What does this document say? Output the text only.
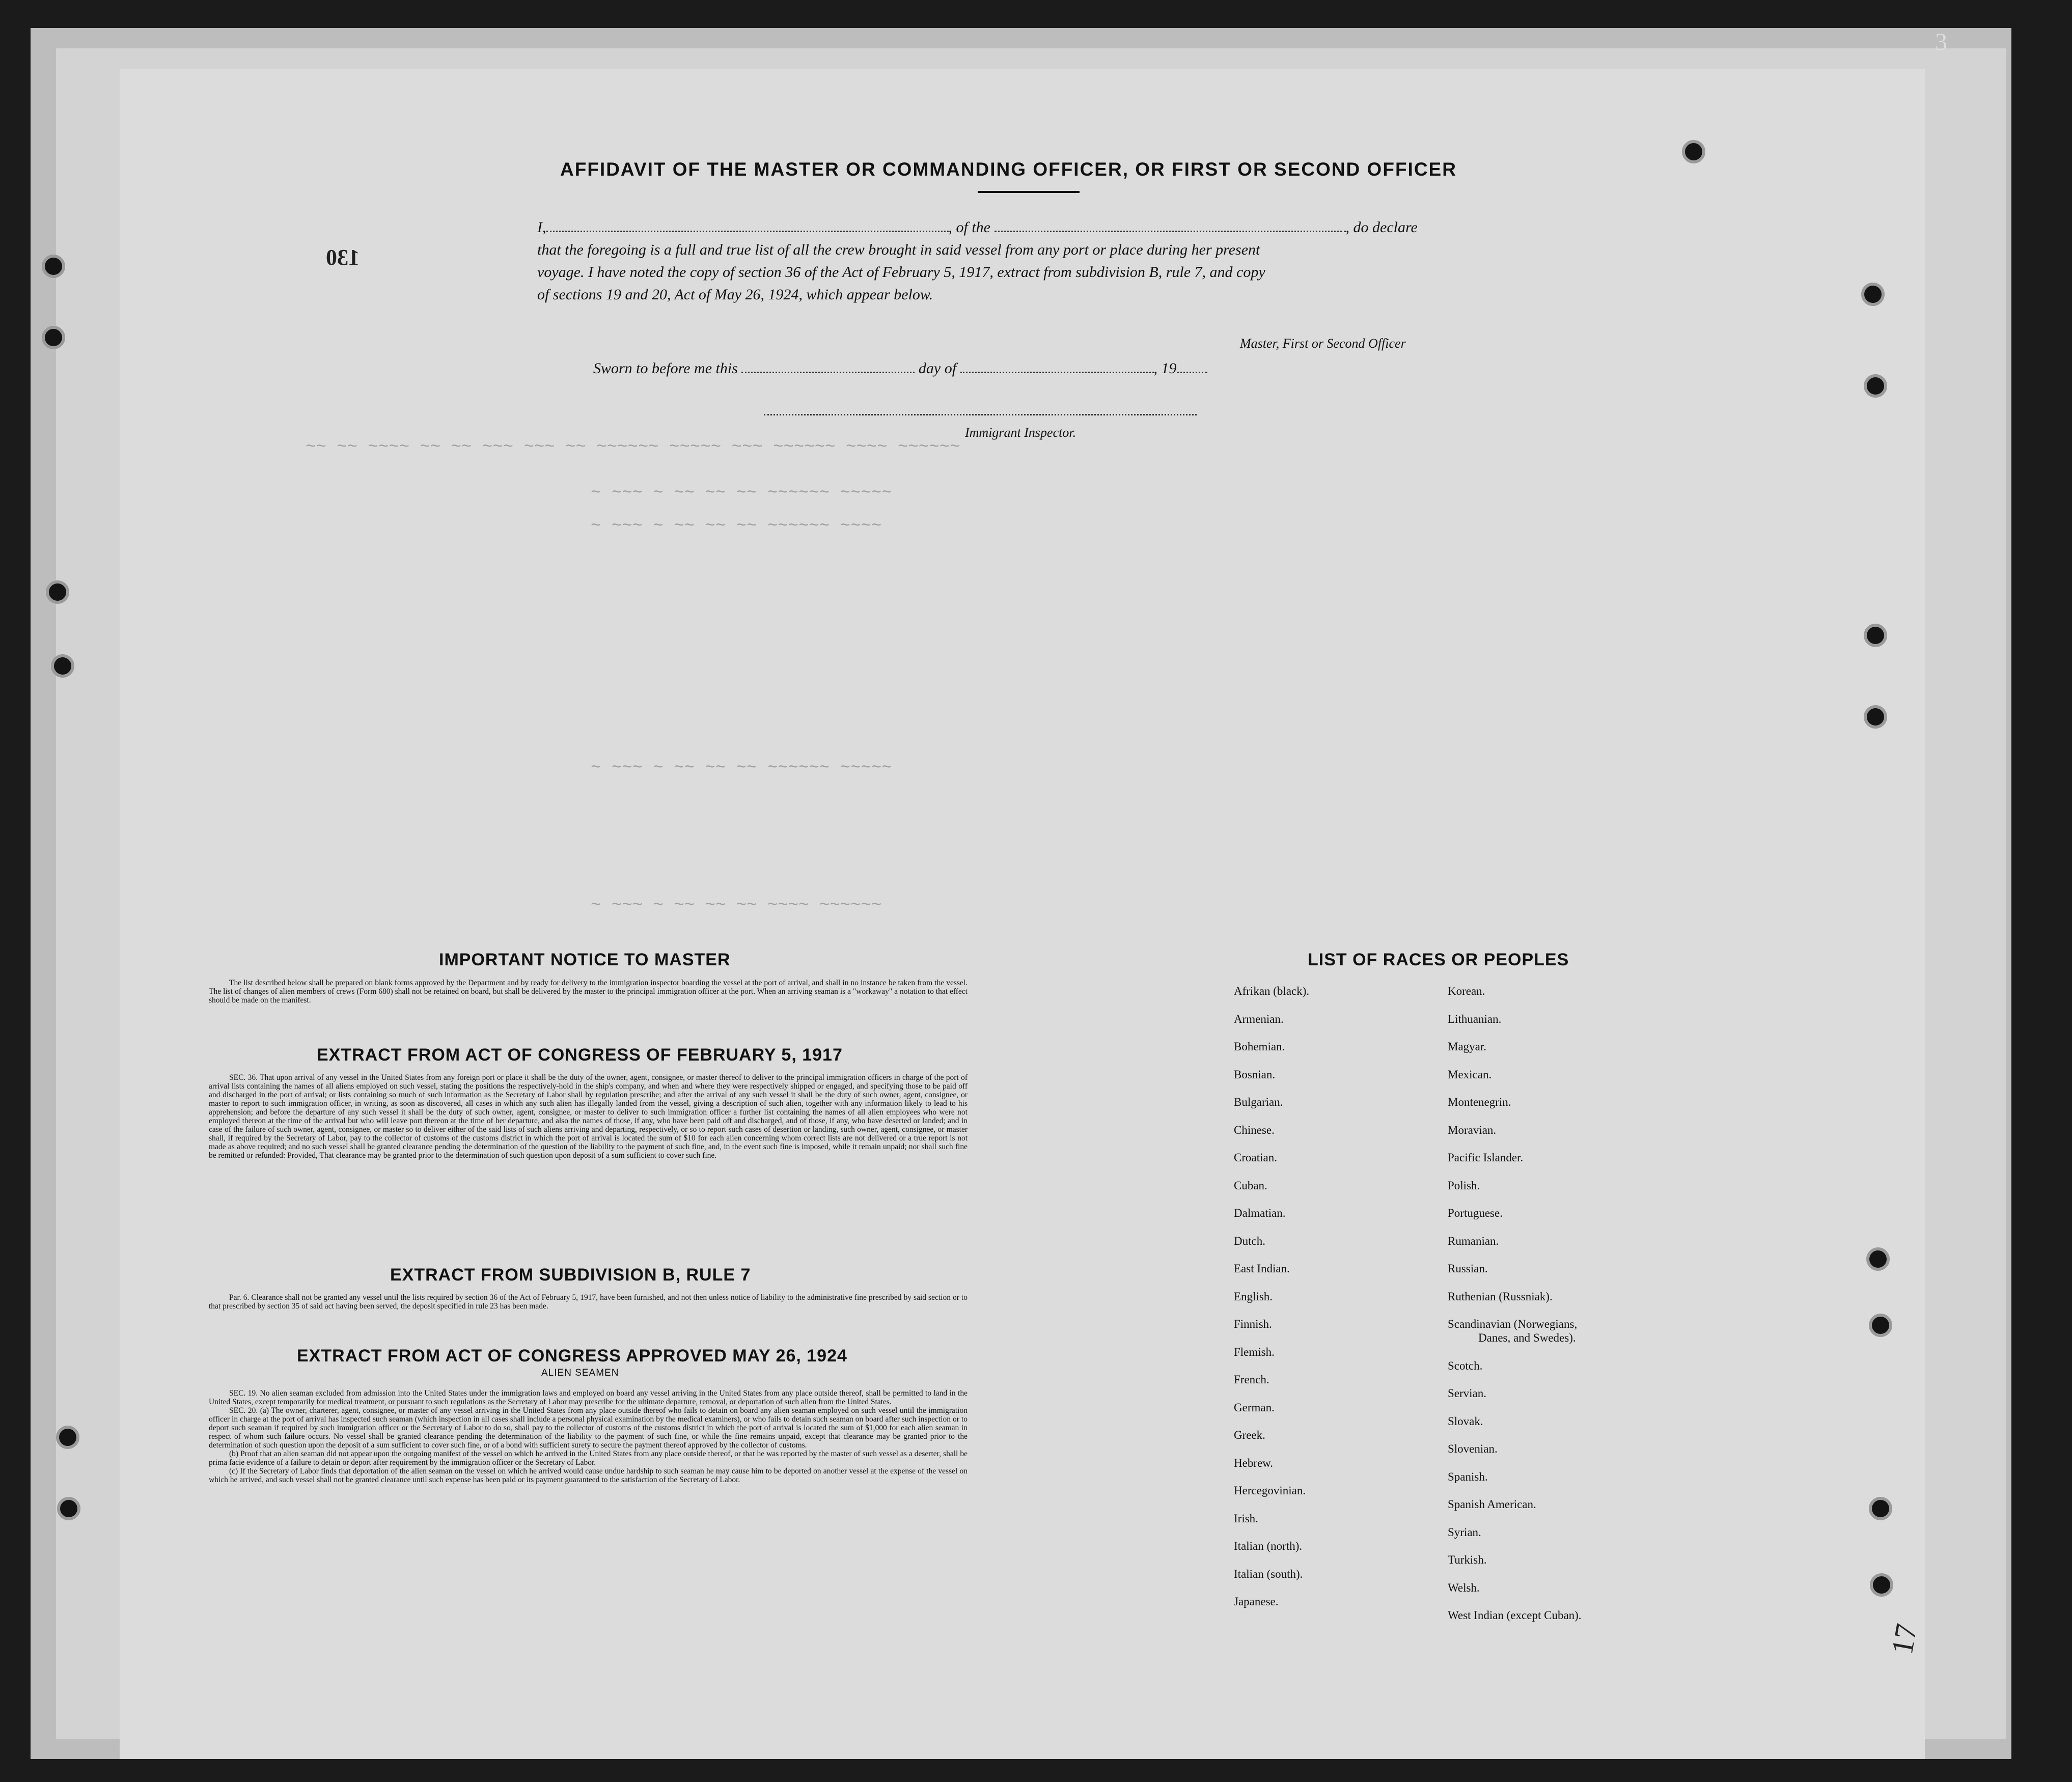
3
17
130
~~ ~~ ~~~~ ~~ ~~ ~~~ ~~~ ~~ ~~~~~~ ~~~~~ ~~~ ~~~~~~ ~~~~ ~~~~~~
~ ~~~ ~ ~~ ~~ ~~ ~~~~~~ ~~~~~
~ ~~~ ~ ~~ ~~ ~~ ~~~~~~ ~~~~
~ ~~~ ~ ~~ ~~ ~~ ~~~~~~ ~~~~~
~ ~~~ ~ ~~ ~~ ~~ ~~~~ ~~~~~~
AFFIDAVIT OF THE MASTER OR COMMANDING OFFICER, OR FIRST OR SECOND OFFICER
I,	, of the	, do declare
that the foregoing is a full and true list of all the crew brought in said vessel from any port or place during her present
voyage. I have noted the copy of section 36 of the Act of February 5, 1917, extract from subdivision B, rule 7, and copy
of sections 19 and 20, Act of May 26, 1924, which appear below.
Master, First or Second Officer
Sworn to before me this	day of	, 19
Immigrant Inspector.
IMPORTANT NOTICE TO MASTER

The list described below shall be prepared on blank forms approved by the Department and by ready for delivery to the immigration inspector boarding the vessel at the port of arrival, and shall in no instance be taken from the vessel. The list of changes of alien members of crews (Form 680) shall not be retained on board, but shall be delivered by the master to the principal immigration officer at the port. When an arriving seaman is a "workaway" a notation to that effect should be made on the manifest.

EXTRACT FROM ACT OF CONGRESS OF FEBRUARY 5, 1917

SEC. 36. That upon arrival of any vessel in the United States from any foreign port or place it shall be the duty of the owner, agent, consignee, or master thereof to deliver to the principal immigration officers in charge of the port of arrival lists containing the names of all aliens employed on such vessel, stating the positions the respectively-hold in the ship's company, and when and where they were respectively shipped or engaged, and specifying those to be paid off and discharged in the port of arrival; or lists containing so much of such information as the Secretary of Labor shall by regulation prescribe; and after the arrival of any such vessel it shall be the duty of such owner, agent, consignee, or master to report to such immigration officer, in writing, as soon as discovered, all cases in which any such alien has illegally landed from the vessel, giving a description of such alien, together with any information likely to lead to his apprehension; and before the departure of any such vessel it shall be the duty of such owner, agent, consignee, or master to deliver to such immigration officer a further list containing the names of all alien employees who were not employed thereon at the time of the arrival but who will leave port thereon at the time of her departure, and also the names of those, if any, who have been paid off and discharged, and of those, if any, who have deserted or landed; and in case of the failure of such owner, agent, consignee, or master so to deliver either of the said lists of such aliens arriving and departing, respectively, or so to report such cases of desertion or landing, such owner, agent, consignee, or master shall, if required by the Secretary of Labor, pay to the collector of customs of the customs district in which the port of arrival is located the sum of $10 for each alien concerning whom correct lists are not delivered or a true report is not made as above required; and no such vessel shall be granted clearance pending the determination of the question of the liability to the payment of such fine, and, in the event such fine is imposed, while it remain unpaid; nor shall such fine be remitted or refunded: Provided, That clearance may be granted prior to the determination of such question upon deposit of a sum sufficient to cover such fine.

EXTRACT FROM SUBDIVISION B, RULE 7

Par. 6. Clearance shall not be granted any vessel until the lists required by section 36 of the Act of February 5, 1917, have been furnished, and not then unless notice of liability to the administrative fine prescribed by said section or to that prescribed by section 35 of said act having been served, the deposit specified in rule 23 has been made.

EXTRACT FROM ACT OF CONGRESS APPROVED MAY 26, 1924
ALIEN SEAMEN

SEC. 19. No alien seaman excluded from admission into the United States under the immigration laws and employed on board any vessel arriving in the United States from any place outside thereof, shall be permitted to land in the United States, except temporarily for medical treatment, or pursuant to such regulations as the Secretary of Labor may prescribe for the ultimate departure, removal, or deportation of such alien from the United States.

SEC. 20. (a) The owner, charterer, agent, consignee, or master of any vessel arriving in the United States from any place outside thereof who fails to detain on board any alien seaman employed on such vessel until the immigration officer in charge at the port of arrival has inspected such seaman (which inspection in all cases shall include a personal physical examination by the medical examiners), or who fails to detain such seaman on board after such inspection or to deport such seaman if required by such immigration officer or the Secretary of Labor to do so, shall pay to the collector of customs of the customs district in which the port of arrival is located the sum of $1,000 for each alien seaman in respect of whom such failure occurs. No vessel shall be granted clearance pending the determination of the liability to the payment of such fine, or while the fine remains unpaid, except that clearance may be granted prior to the determination of such question upon the deposit of a sum sufficient to cover such fine, or of a bond with sufficient surety to secure the payment thereof approved by the collector of customs.

(b) Proof that an alien seaman did not appear upon the outgoing manifest of the vessel on which he arrived in the United States from any place outside thereof, or that he was reported by the master of such vessel as a deserter, shall be prima facie evidence of a failure to detain or deport after requirement by the immigration officer or the Secretary of Labor.

(c) If the Secretary of Labor finds that deportation of the alien seaman on the vessel on which he arrived would cause undue hardship to such seaman he may cause him to be deported on another vessel at the expense of the vessel on which he arrived, and such vessel shall not be granted clearance until such expense has been paid or its payment guaranteed to the satisfaction of the Secretary of Labor.

LIST OF RACES OR PEOPLES
Afrikan (black).
Armenian.
Bohemian.
Bosnian.
Bulgarian.
Chinese.
Croatian.
Cuban.
Dalmatian.
Dutch.
East Indian.
English.
Finnish.
Flemish.
French.
German.
Greek.
Hebrew.
Hercegovinian.
Irish.
Italian (north).
Italian (south).
Japanese.
Korean.
Lithuanian.
Magyar.
Mexican.
Montenegrin.
Moravian.
Pacific Islander.
Polish.
Portuguese.
Rumanian.
Russian.
Ruthenian (Russniak).
Scandinavian (Norwegians,
Danes, and Swedes).
Scotch.
Servian.
Slovak.
Slovenian.
Spanish.
Spanish American.
Syrian.
Turkish.
Welsh.
West Indian (except Cuban).
